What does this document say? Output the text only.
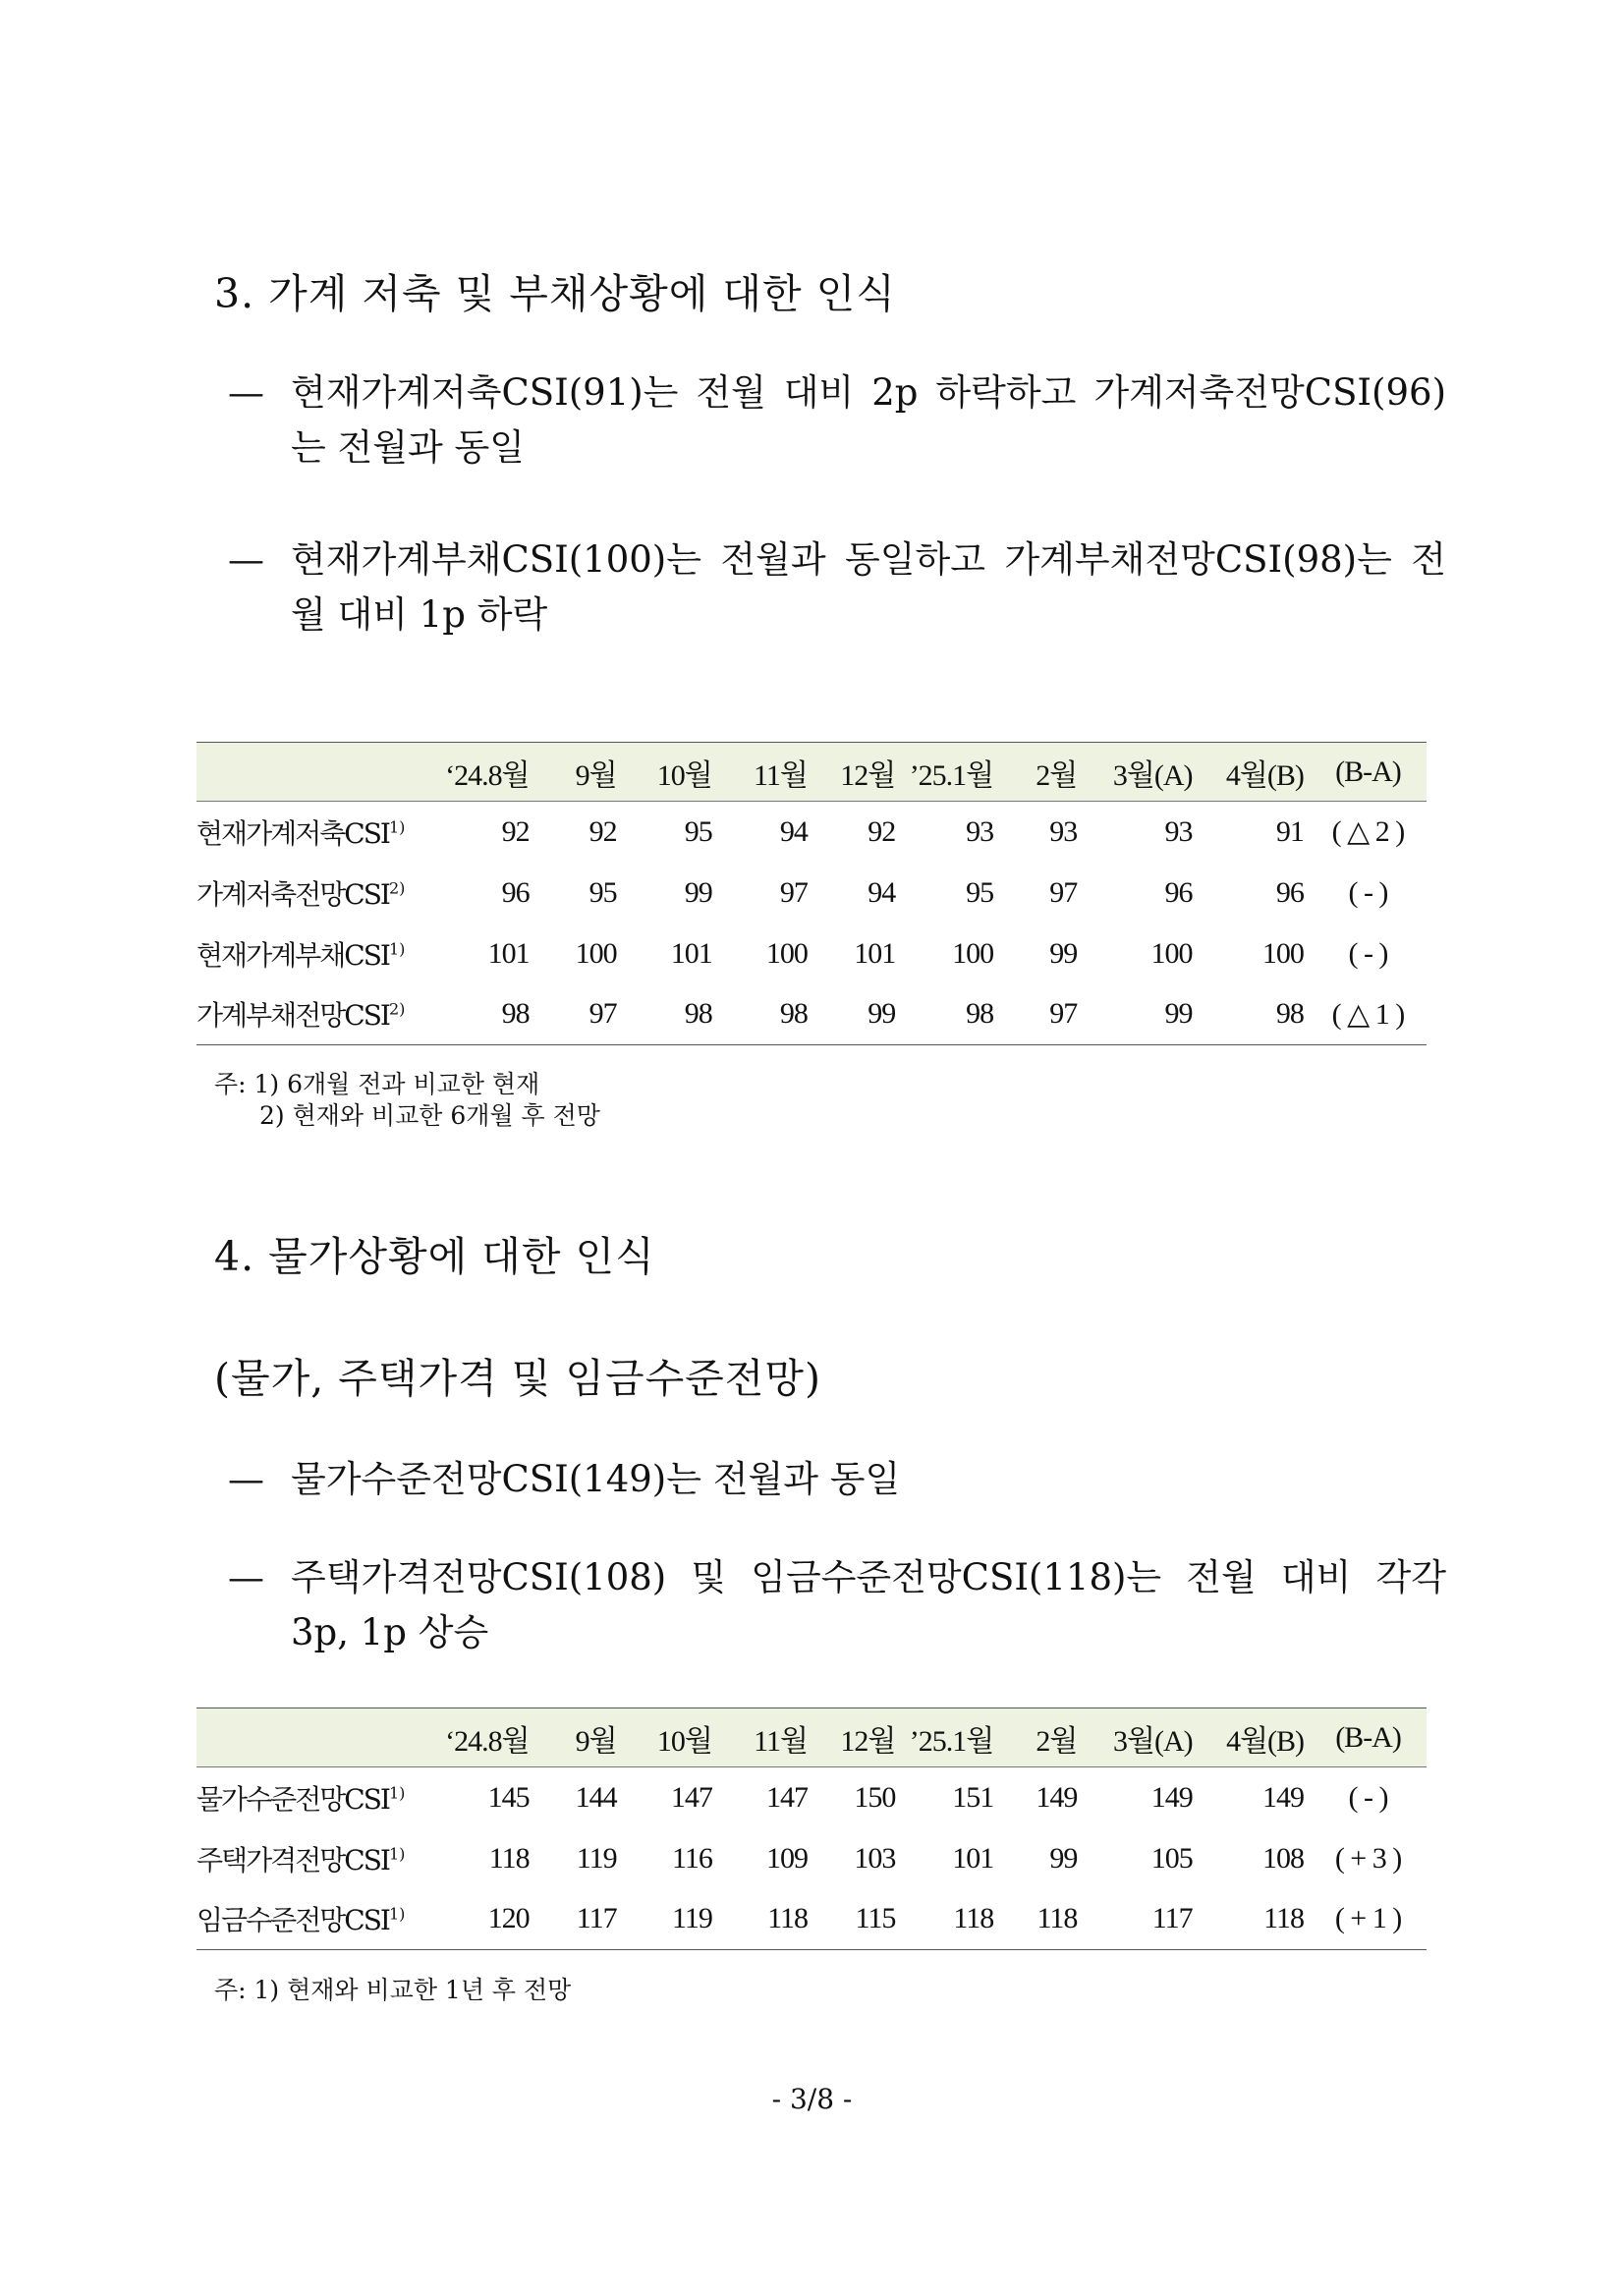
3. 가계 저축 및 부채상황에 대한 인식
— 현재가계저축CSI(91)는 전월 대비 2p 하락하고 가계저축전망CSI(96)는 전월과 동일
— 현재가계부채CSI(100)는 전월과 동일하고 가계부채전망CSI(98)는 전월 대비 1p 하락
	‘24.8월	9월	10월	11월	12월	’25.1월	2월	3월(A)	4월(B)	(B-A)
현재가계저축CSI$^{1)}$	92	92	95	94	92	93	93	93	91	( △ 2 )
가계저축전망CSI$^{2)}$	96	95	99	97	94	95	97	96	96	( - )
현재가계부채CSI$^{1)}$	101	100	101	100	101	100	99	100	100	( - )
가계부채전망CSI$^{2)}$	98	97	98	98	99	98	97	99	98	( △ 1 )
주: 1) 6개월 전과 비교한 현재
2) 현재와 비교한 6개월 후 전망
4. 물가상황에 대한 인식
(물가, 주택가격 및 임금수준전망)
— 물가수준전망CSI(149)는 전월과 동일
— 주택가격전망CSI(108) 및 임금수준전망CSI(118)는 전월 대비 각각 3p, 1p 상승
	‘24.8월	9월	10월	11월	12월	’25.1월	2월	3월(A)	4월(B)	(B-A)
물가수준전망CSI$^{1)}$	145	144	147	147	150	151	149	149	149	( - )
주택가격전망CSI$^{1)}$	118	119	116	109	103	101	99	105	108	( + 3 )
임금수준전망CSI$^{1)}$	120	117	119	118	115	118	118	117	118	( + 1 )
주: 1) 현재와 비교한 1년 후 전망
- 3/8 -
